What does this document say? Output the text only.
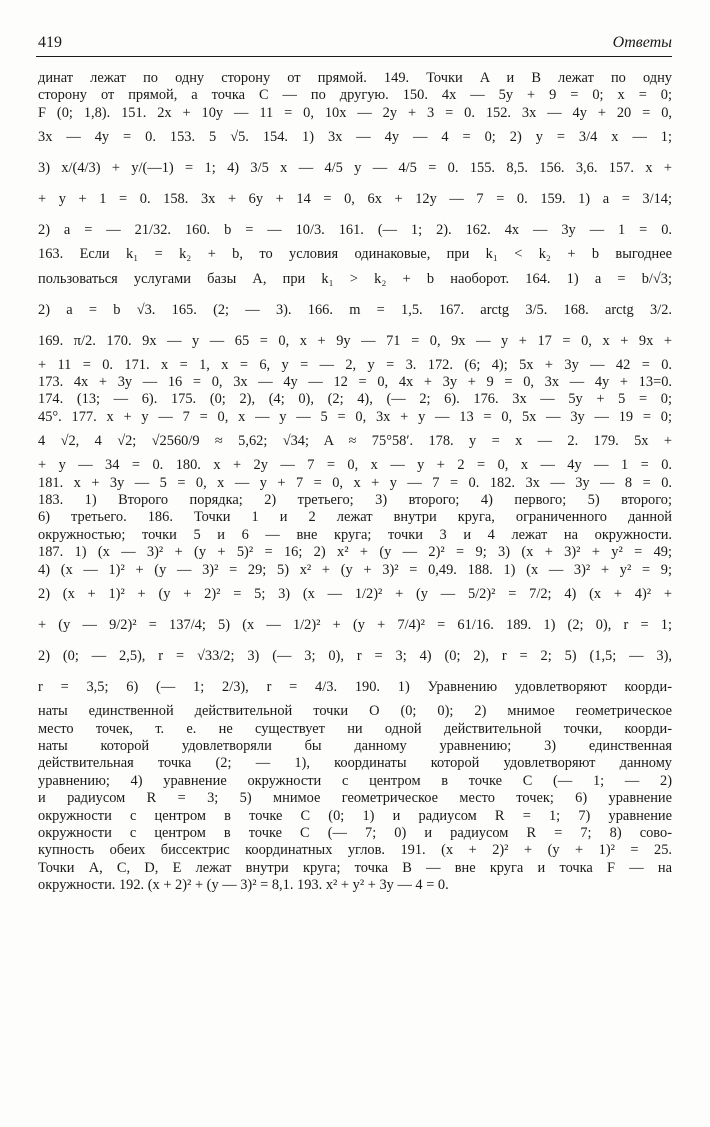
419	Ответы
динат лежат по одну сторону от прямой. 149. Точки A и B лежат по одну
сторону от прямой, а точка C — по другую. 150. 4x — 5y + 9 = 0; x = 0;
F (0; 1,8). 151. 2x + 10y — 11 = 0, 10x — 2y + 3 = 0. 152. 3x — 4y + 20 = 0,
3x — 4y = 0. 153. 5 √5. 154. 1) 3x — 4y — 4 = 0; 2) y = 3/4 x — 1;
3) x/(4/3) + y/(—1) = 1; 4) 3/5 x — 4/5 y — 4/5 = 0. 155. 8,5. 156. 3,6. 157. x +
+ y + 1 = 0. 158. 3x + 6y + 14 = 0, 6x + 12y — 7 = 0. 159. 1) a = 3/14;
2) a = — 21/32. 160. b = — 10/3. 161. (— 1; 2). 162. 4x — 3y — 1 = 0.
163. Если k₁ = k₂ + b, то условия одинаковые, при k₁ < k₂ + b выгоднее
пользоваться услугами базы A, при k₁ > k₂ + b наоборот. 164. 1) a = b/√3;
2) a = b √3. 165. (2; — 3). 166. m = 1,5. 167. arctg 3/5. 168. arctg 3/2.
169. π/2. 170. 9x — y — 65 = 0, x + 9y — 71 = 0, 9x — y + 17 = 0, x + 9x +
+ 11 = 0. 171. x = 1, x = 6, y = — 2, y = 3. 172. (6; 4); 5x + 3y — 42 = 0.
173. 4x + 3y — 16 = 0, 3x — 4y — 12 = 0, 4x + 3y + 9 = 0, 3x — 4y + 13=0.
174. (13; — 6). 175. (0; 2), (4; 0), (2; 4), (— 2; 6). 176. 3x — 5y + 5 = 0;
45°. 177. x + y — 7 = 0, x — y — 5 = 0, 3x + y — 13 = 0, 5x — 3y — 19 = 0;
4 √2, 4 √2; √2560/9 ≈ 5,62; √34; A ≈ 75°58′. 178. y = x — 2. 179. 5x +
+ y — 34 = 0. 180. x + 2y — 7 = 0, x — y + 2 = 0, x — 4y — 1 = 0.
181. x + 3y — 5 = 0, x — y + 7 = 0, x + y — 7 = 0. 182. 3x — 3y — 8 = 0.
183. 1) Второго порядка; 2) третьего; 3) второго; 4) первого; 5) второго;
6) третьего. 186. Точки 1 и 2 лежат внутри круга, ограниченного данной
окружностью; точки 5 и 6 — вне круга; точки 3 и 4 лежат на окружности.
187. 1) (x — 3)² + (y + 5)² = 16; 2) x² + (y — 2)² = 9; 3) (x + 3)² + y² = 49;
4) (x — 1)² + (y — 3)² = 29; 5) x² + (y + 3)² = 0,49. 188. 1) (x — 3)² + y² = 9;
2) (x + 1)² + (y + 2)² = 5; 3) (x — 1/2)² + (y — 5/2)² = 7/2; 4) (x + 4)² +
+ (y — 9/2)² = 137/4; 5) (x — 1/2)² + (y + 7/4)² = 61/16. 189. 1) (2; 0), r = 1;
2) (0; — 2,5), r = √33/2; 3) (— 3; 0), r = 3; 4) (0; 2), r = 2; 5) (1,5; — 3),
r = 3,5; 6) (— 1; 2/3), r = 4/3. 190. 1) Уравнению удовлетворяют коорди-
наты единственной действительной точки O (0; 0); 2) мнимое геометрическое
место точек, т. е. не существует ни одной действительной точки, коорди-
наты которой удовлетворяли бы данному уравнению; 3) единственная
действительная точка (2; — 1), координаты которой удовлетворяют данному
уравнению; 4) уравнение окружности с центром в точке C (— 1; — 2)
и радиусом R = 3; 5) мнимое геометрическое место точек; 6) уравнение
окружности с центром в точке C (0; 1) и радиусом R = 1; 7) уравнение
окружности с центром в точке C (— 7; 0) и радиусом R = 7; 8) сово-
купность обеих биссектрис координатных углов. 191. (x + 2)² + (y + 1)² = 25.
Точки A, C, D, E лежат внутри круга; точка B — вне круга и точка F — на
окружности. 192. (x + 2)² + (y — 3)² = 8,1. 193. x² + y² + 3y — 4 = 0.
